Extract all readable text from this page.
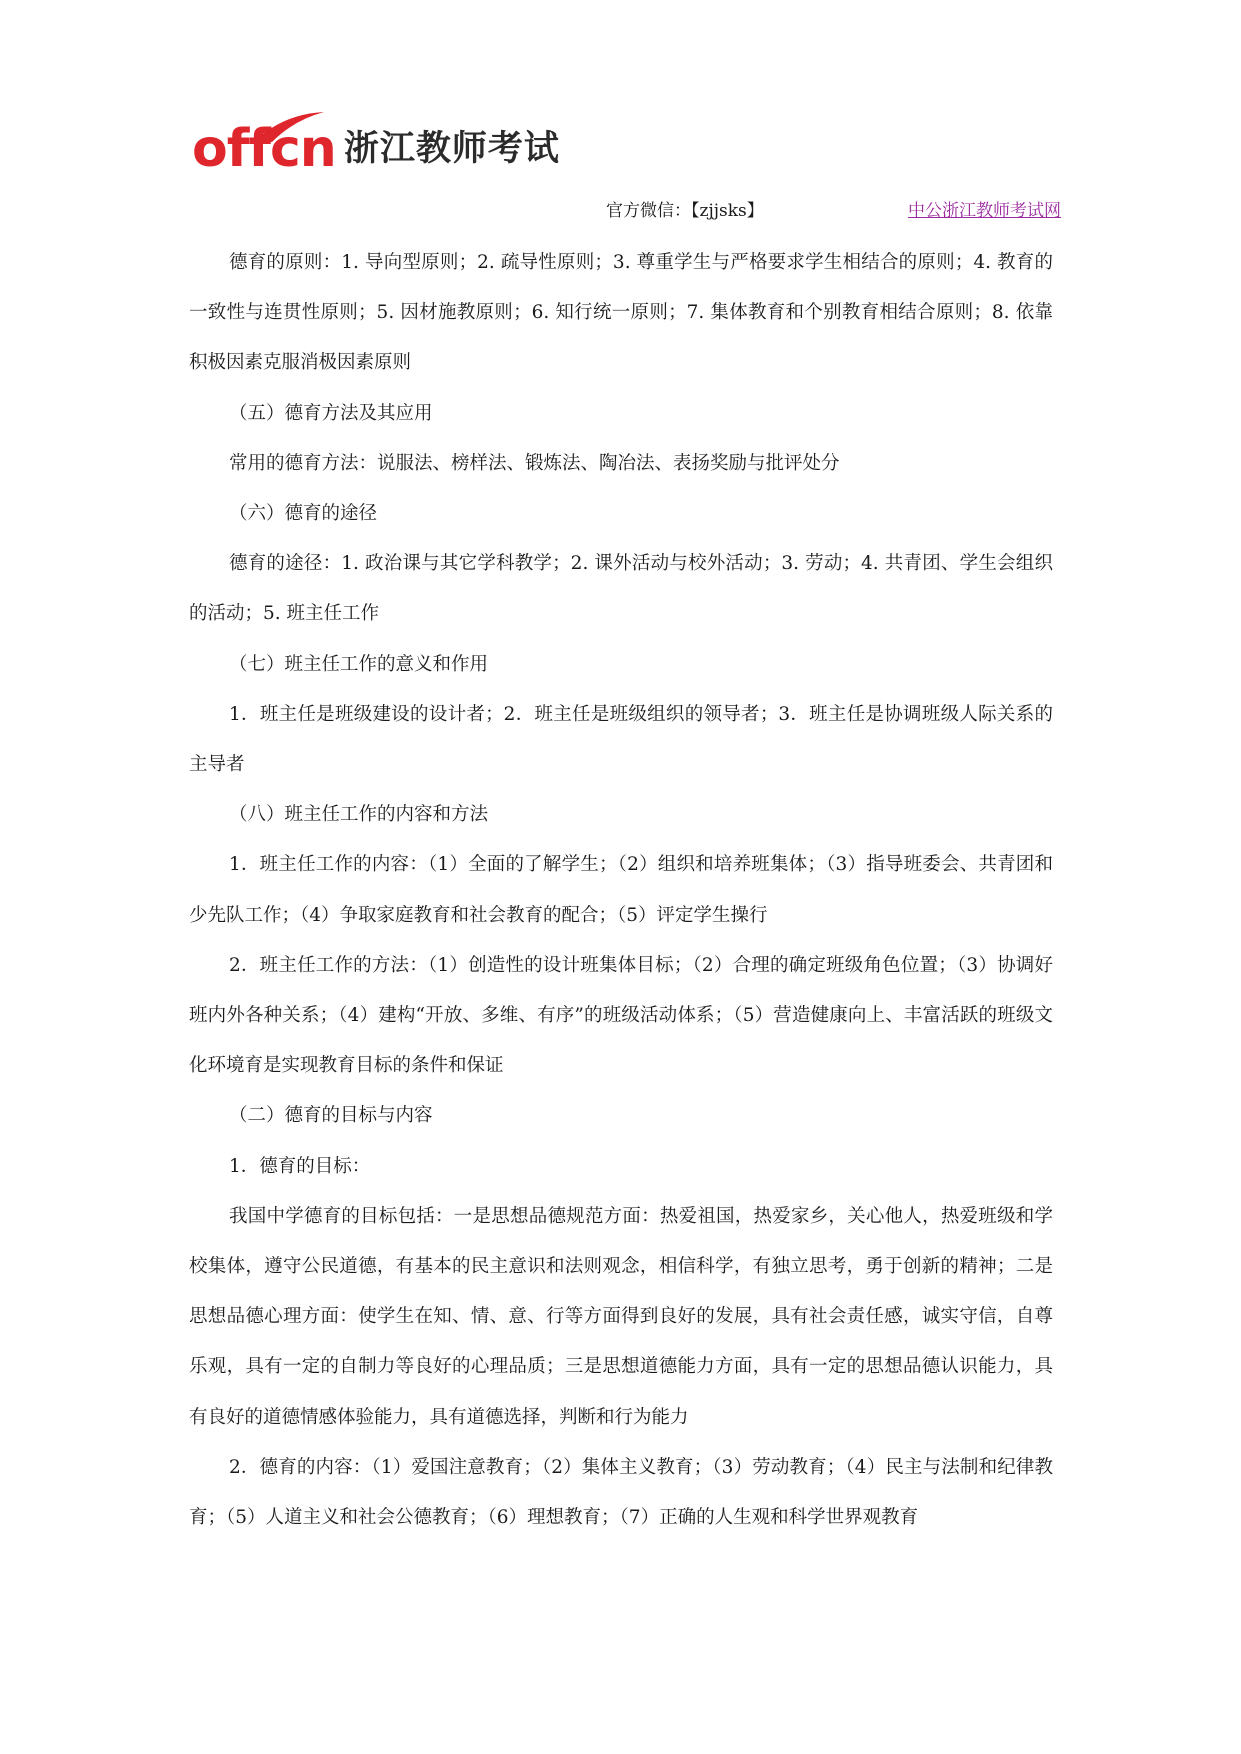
offcn 浙江教师考试
官方微信：【zjjsks】	中公浙江教师考试网

德育的原则：1. 导向型原则；2. 疏导性原则；3. 尊重学生与严格要求学生相结合的原则；4. 教育的一致性与连贯性原则；5. 因材施教原则；6. 知行统一原则；7. 集体教育和个别教育相结合原则；8. 依靠积极因素克服消极因素原则

（五）德育方法及其应用

常用的德育方法：说服法、榜样法、锻炼法、陶冶法、表扬奖励与批评处分

（六）德育的途径

德育的途径：1. 政治课与其它学科教学；2. 课外活动与校外活动；3. 劳动；4. 共青团、学生会组织的活动；5. 班主任工作

（七）班主任工作的意义和作用

1．班主任是班级建设的设计者；2．班主任是班级组织的领导者；3．班主任是协调班级人际关系的主导者

（八）班主任工作的内容和方法

1．班主任工作的内容：（1）全面的了解学生；（2）组织和培养班集体；（3）指导班委会、共青团和少先队工作；（4）争取家庭教育和社会教育的配合；（5）评定学生操行

2．班主任工作的方法：（1）创造性的设计班集体目标；（2）合理的确定班级角色位置；（3）协调好班内外各种关系；（4）建构“开放、多维、有序”的班级活动体系；（5）营造健康向上、丰富活跃的班级文化环境育是实现教育目标的条件和保证

（二）德育的目标与内容

1．德育的目标：

我国中学德育的目标包括：一是思想品德规范方面：热爱祖国，热爱家乡，关心他人，热爱班级和学校集体，遵守公民道德，有基本的民主意识和法则观念，相信科学，有独立思考，勇于创新的精神；二是思想品德心理方面：使学生在知、情、意、行等方面得到良好的发展，具有社会责任感，诚实守信，自尊乐观，具有一定的自制力等良好的心理品质；三是思想道德能力方面，具有一定的思想品德认识能力，具有良好的道德情感体验能力，具有道德选择，判断和行为能力

2．德育的内容：（1）爱国注意教育；（2）集体主义教育；（3）劳动教育；（4）民主与法制和纪律教育；（5）人道主义和社会公德教育；（6）理想教育；（7）正确的人生观和科学世界观教育
